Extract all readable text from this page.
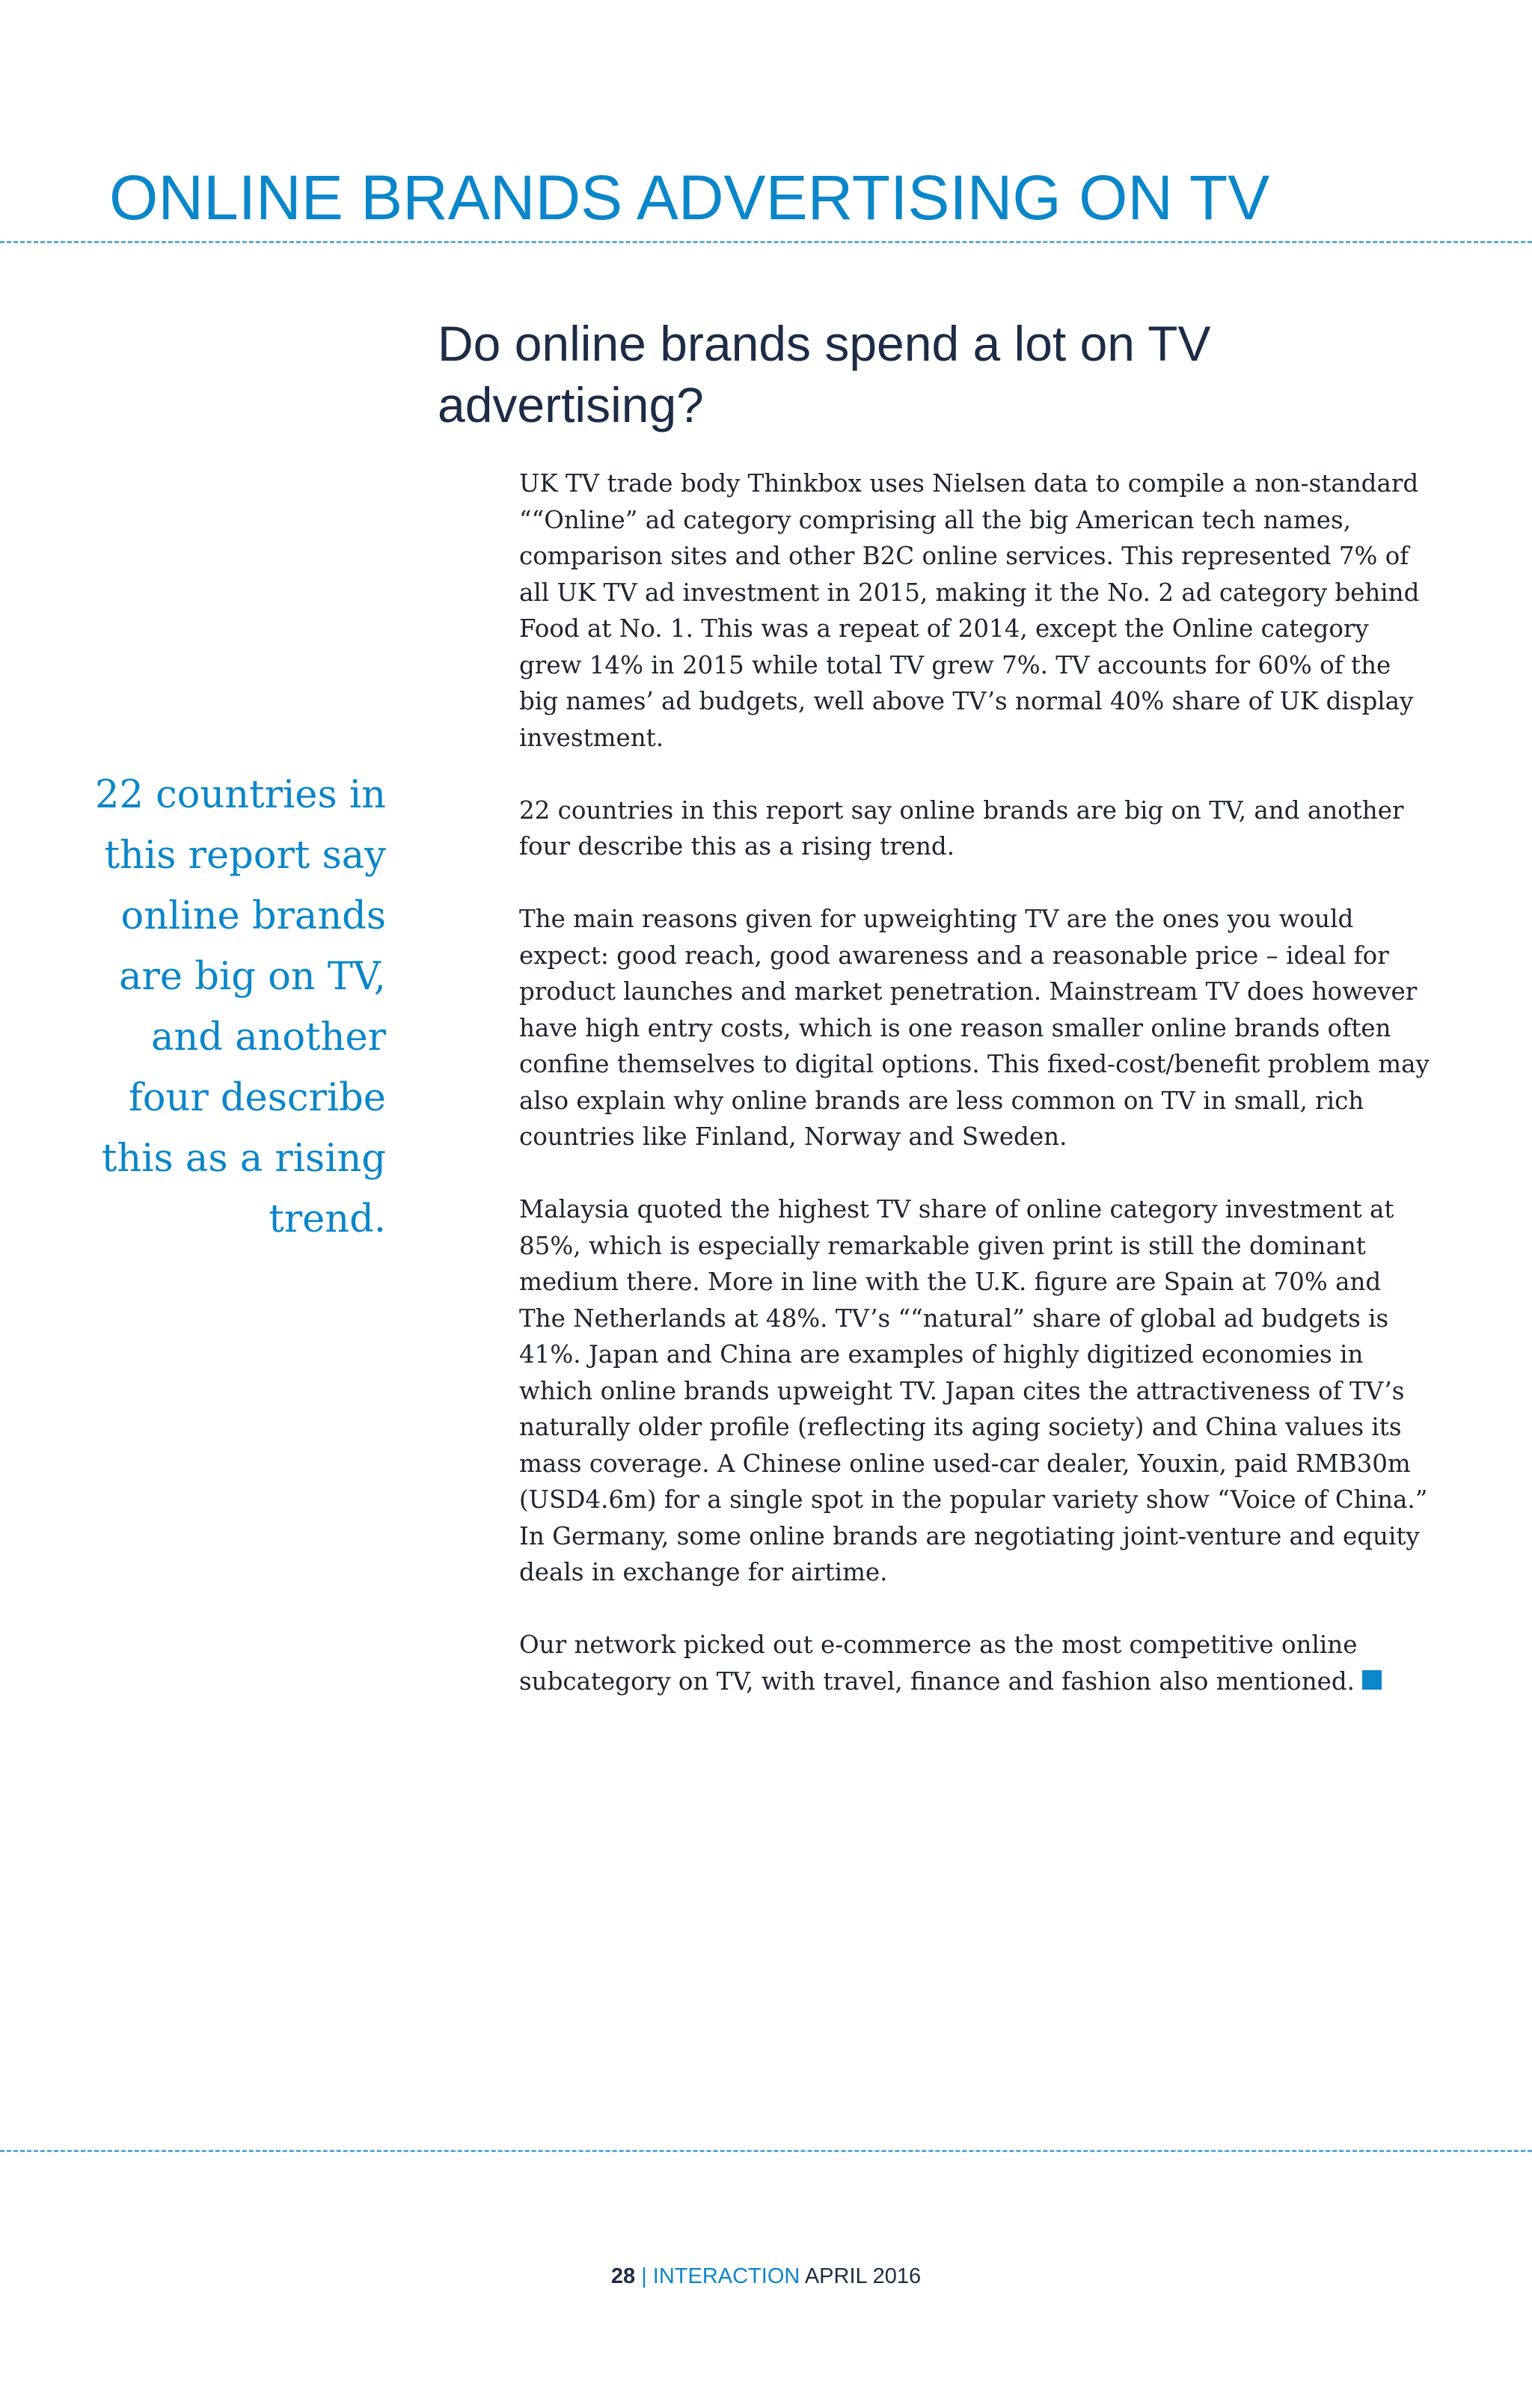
ONLINE BRANDS ADVERTISING ON TV
Do online brands spend a lot on TV advertising?

22 countries in this report say online brands are big on TV, and another four describe this as a rising trend.

UK TV trade body Thinkbox uses Nielsen data to compile a non-standard ““Online” ad category comprising all the big American tech names, comparison sites and other B2C online services. This represented 7% of all UK TV ad investment in 2015, making it the No. 2 ad category behind Food at No. 1. This was a repeat of 2014, except the Online category grew 14% in 2015 while total TV grew 7%. TV accounts for 60% of the big names’ ad budgets, well above TV’s normal 40% share of UK display investment.

22 countries in this report say online brands are big on TV, and another four describe this as a rising trend.

The main reasons given for upweighting TV are the ones you would expect: good reach, good awareness and a reasonable price – ideal for product launches and market penetration. Mainstream TV does however have high entry costs, which is one reason smaller online brands often confine themselves to digital options. This fixed-cost/benefit problem may also explain why online brands are less common on TV in small, rich countries like Finland, Norway and Sweden.

Malaysia quoted the highest TV share of online category investment at 85%, which is especially remarkable given print is still the dominant medium there. More in line with the U.K. figure are Spain at 70% and The Netherlands at 48%. TV’s ““natural” share of global ad budgets is 41%. Japan and China are examples of highly digitized economies in which online brands upweight TV. Japan cites the attractiveness of TV’s naturally older profile (reflecting its aging society) and China values its mass coverage. A Chinese online used-car dealer, Youxin, paid RMB30m (USD4.6m) for a single spot in the popular variety show “Voice of China.” In Germany, some online brands are negotiating joint-venture and equity deals in exchange for airtime.

Our network picked out e-commerce as the most competitive online subcategory on TV, with travel, finance and fashion also mentioned.

28 | INTERACTION APRIL 2016
